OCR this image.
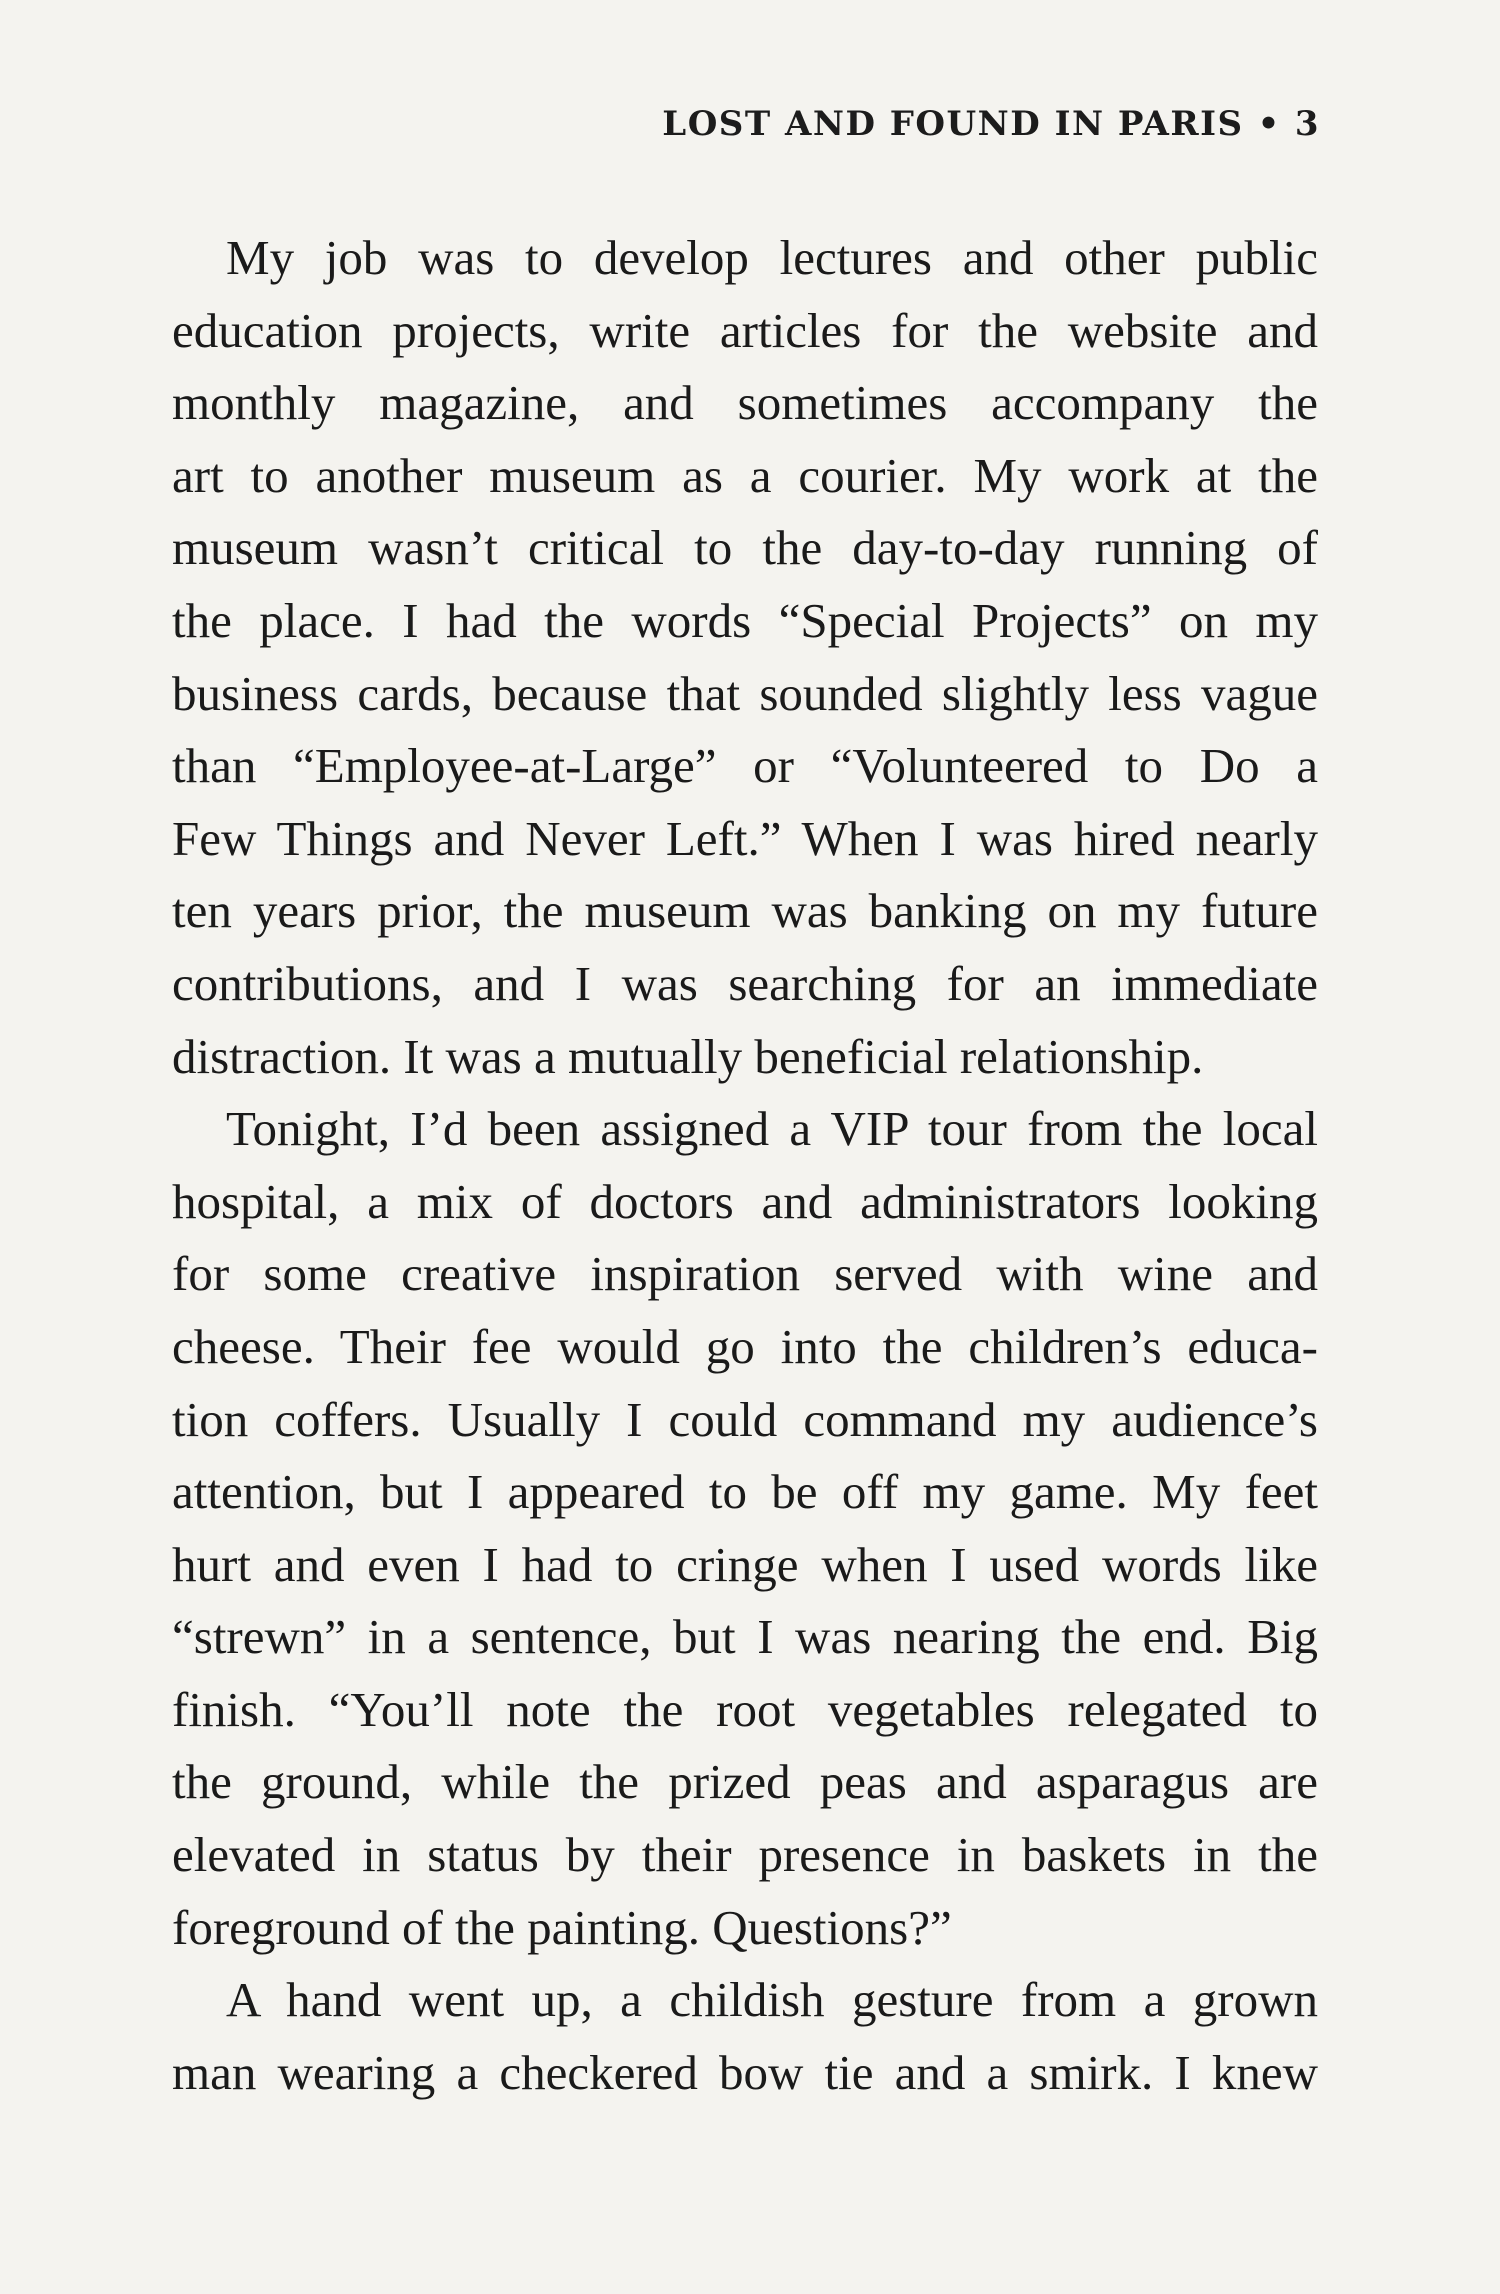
LOST AND FOUND IN PARIS • 3
My job was to develop lectures and other public
education projects, write articles for the website and
monthly magazine, and sometimes accompany the
art to another museum as a courier. My work at the
museum wasn’t critical to the day-to-day running of
the place. I had the words “Special Projects” on my
business cards, because that sounded slightly less vague
than “Employee-at-Large” or “Volunteered to Do a
Few Things and Never Left.” When I was hired nearly
ten years prior, the museum was banking on my future
contributions, and I was searching for an immediate
distraction. It was a mutually beneficial relationship.
Tonight, I’d been assigned a VIP tour from the local
hospital, a mix of doctors and administrators looking
for some creative inspiration served with wine and
cheese. Their fee would go into the children’s educa-
tion coffers. Usually I could command my audience’s
attention, but I appeared to be off my game. My feet
hurt and even I had to cringe when I used words like
“strewn” in a sentence, but I was nearing the end. Big
finish. “You’ll note the root vegetables relegated to
the ground, while the prized peas and asparagus are
elevated in status by their presence in baskets in the
foreground of the painting. Questions?”
A hand went up, a childish gesture from a grown
man wearing a checkered bow tie and a smirk. I knew
